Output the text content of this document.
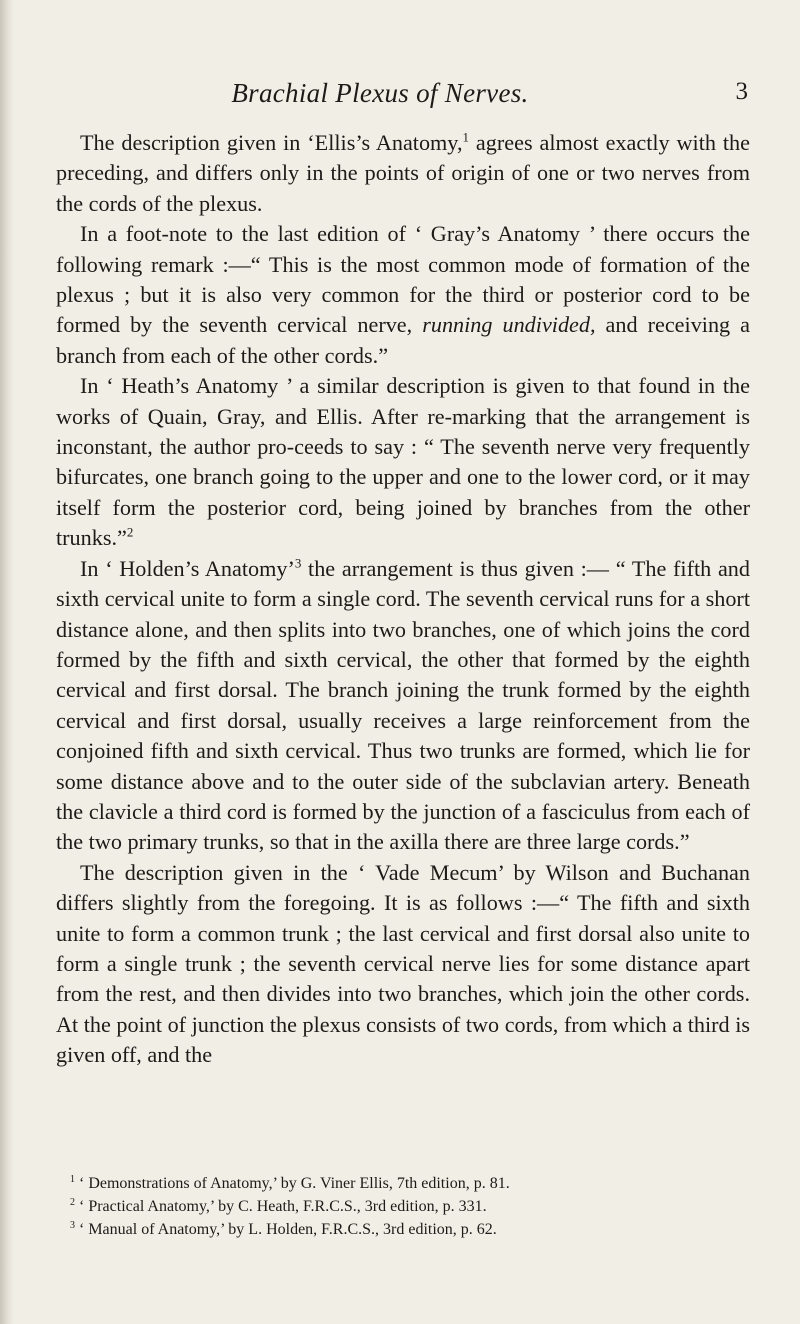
Brachial Plexus of Nerves.	3

The description given in ‘Ellis’s Anatomy,$^1$ agrees almost exactly with the preceding, and differs only in the points of origin of one or two nerves from the cords of the plexus.

In a foot-note to the last edition of ‘ Gray’s Anatomy ’ there occurs the following remark :—“ This is the most common mode of formation of the plexus ; but it is also very common for the third or posterior cord to be formed by the seventh cervical nerve, running undivided, and receiving a branch from each of the other cords.”

In ‘ Heath’s Anatomy ’ a similar description is given to that found in the works of Quain, Gray, and Ellis. After re-marking that the arrangement is inconstant, the author pro-ceeds to say : “ The seventh nerve very frequently bifurcates, one branch going to the upper and one to the lower cord, or it may itself form the posterior cord, being joined by branches from the other trunks.”$^2$

In ‘ Holden’s Anatomy’$^3$ the arrangement is thus given :— “ The fifth and sixth cervical unite to form a single cord. The seventh cervical runs for a short distance alone, and then splits into two branches, one of which joins the cord formed by the fifth and sixth cervical, the other that formed by the eighth cervical and first dorsal. The branch joining the trunk formed by the eighth cervical and first dorsal, usually receives a large reinforcement from the conjoined fifth and sixth cervical. Thus two trunks are formed, which lie for some distance above and to the outer side of the subclavian artery. Beneath the clavicle a third cord is formed by the junction of a fasciculus from each of the two primary trunks, so that in the axilla there are three large cords.”

The description given in the ‘ Vade Mecum’ by Wilson and Buchanan differs slightly from the foregoing. It is as follows :—“ The fifth and sixth unite to form a common trunk ; the last cervical and first dorsal also unite to form a single trunk ; the seventh cervical nerve lies for some distance apart from the rest, and then divides into two branches, which join the other cords. At the point of junction the plexus consists of two cords, from which a third is given off, and the

$^1$ ‘ Demonstrations of Anatomy,’ by G. Viner Ellis, 7th edition, p. 81.

$^2$ ‘ Practical Anatomy,’ by C. Heath, F.R.C.S., 3rd edition, p. 331.

$^3$ ‘ Manual of Anatomy,’ by L. Holden, F.R.C.S., 3rd edition, p. 62.
